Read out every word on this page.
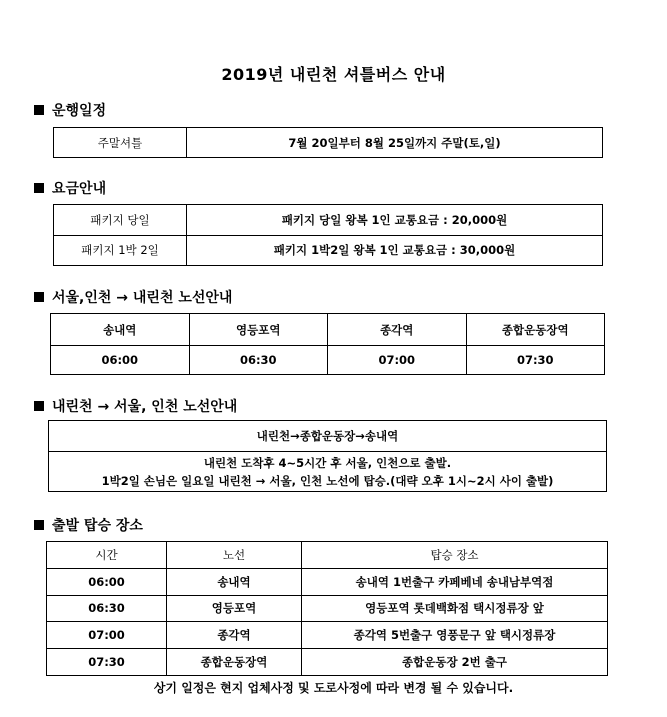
2019년 내린천 셔틀버스 안내
운행일정
주말셔틀	7월 20일부터 8월 25일까지 주말(토,일)
요금안내
패키지 당일	패키지 당일 왕복 1인 교통요금 : 20,000원
패키지 1박 2일	패키지 1박2일 왕복 1인 교통요금 : 30,000원
서울,인천 → 내린천 노선안내
송내역	영등포역	종각역	종합운동장역
06:00	06:30	07:00	07:30
내린천 → 서울, 인천 노선안내
내린천→종합운동장→송내역

내린천 도착후 4~5시간 후 서울, 인천으로 출발.
1박2일 손님은 일요일 내린천 → 서울, 인천 노선에 탑승.(대략 오후 1시~2시 사이 출발)
출발 탑승 장소
시간	노선	탑승 장소
06:00	송내역	송내역 1번출구 카페베네 송내남부역점
06:30	영등포역	영등포역 롯데백화점 택시정류장 앞
07:00	종각역	종각역 5번출구 영풍문구 앞 택시정류장
07:30	종합운동장역	종합운동장 2번 출구
상기 일정은 현지 업체사정 및 도로사정에 따라 변경 될 수 있습니다.
